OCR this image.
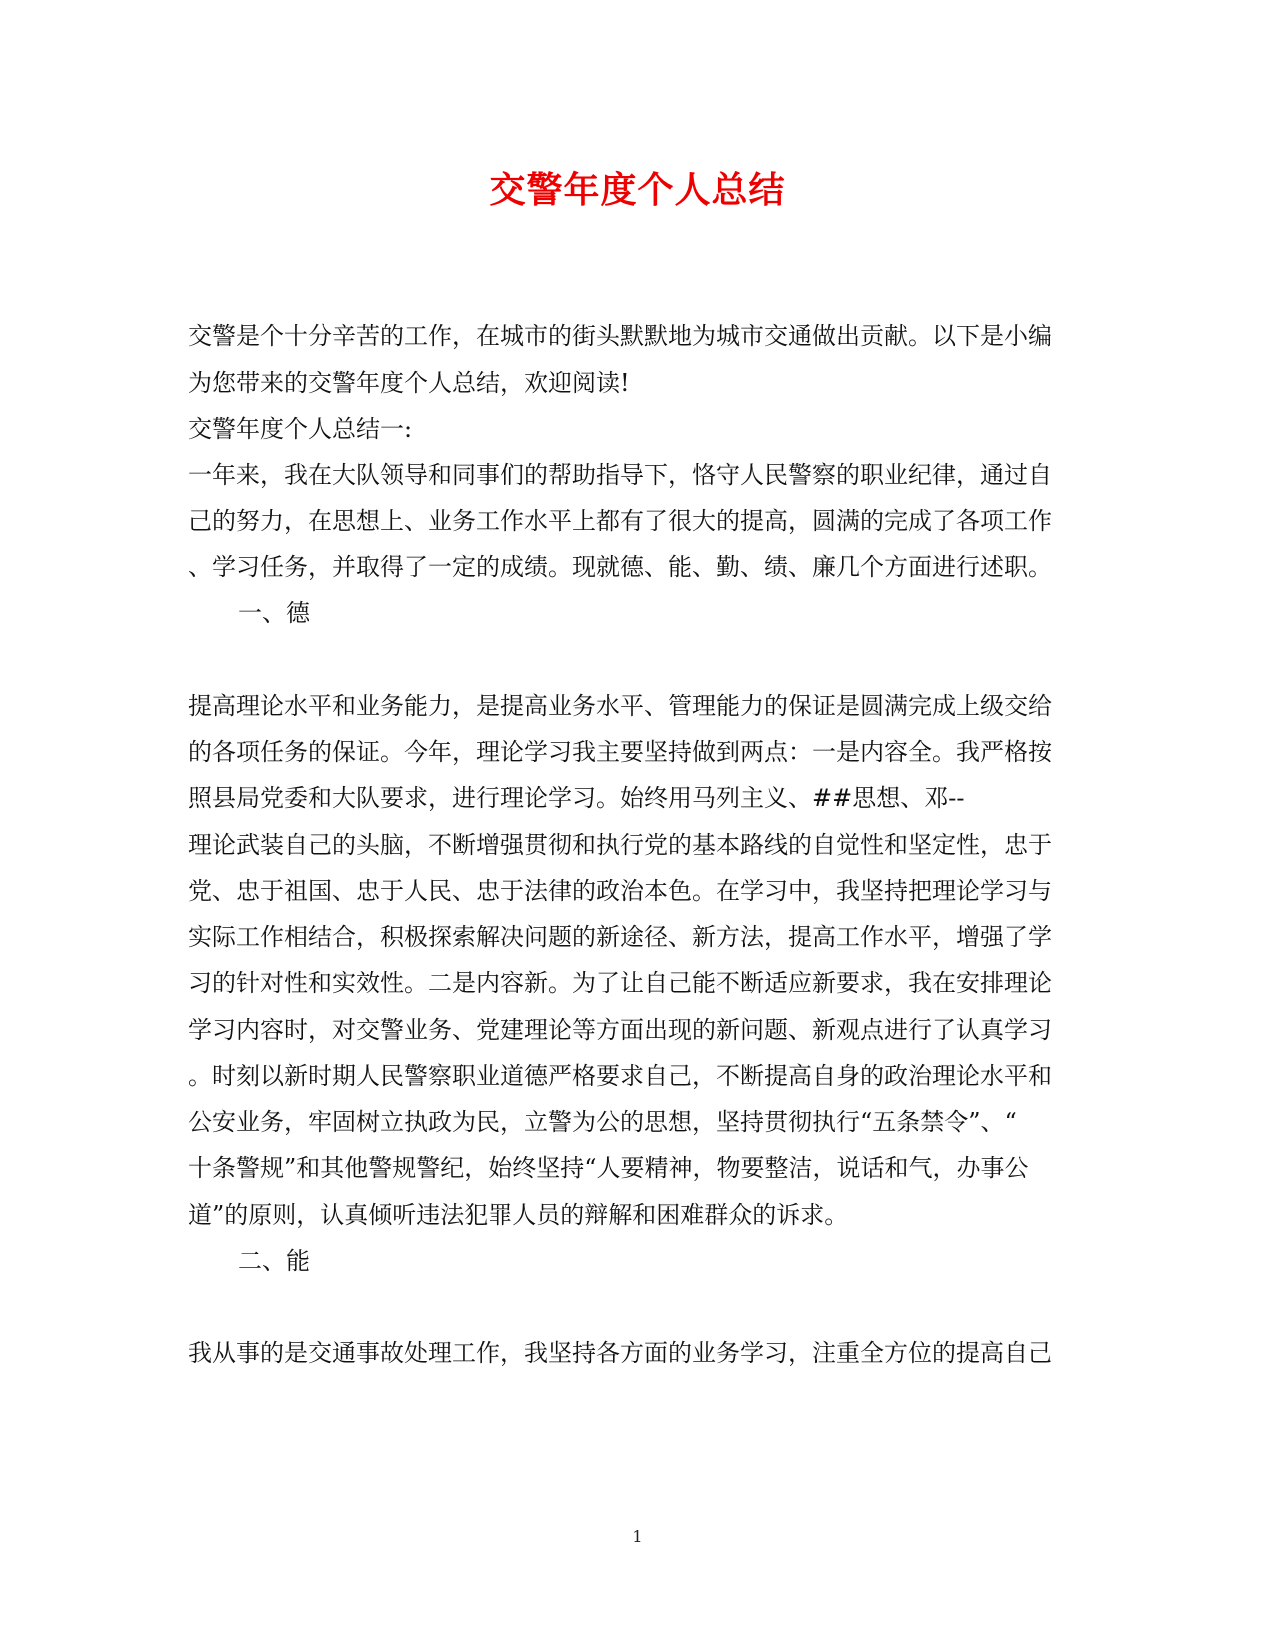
交警年度个人总结
交警是个十分辛苦的工作，在城市的街头默默地为城市交通做出贡献。以下是小编
为您带来的交警年度个人总结，欢迎阅读!
交警年度个人总结一:
一年来，我在大队领导和同事们的帮助指导下，恪守人民警察的职业纪律，通过自
己的努力，在思想上、业务工作水平上都有了很大的提高，圆满的完成了各项工作
、学习任务，并取得了一定的成绩。现就德、能、勤、绩、廉几个方面进行述职。
一、德
提高理论水平和业务能力，是提高业务水平、管理能力的保证是圆满完成上级交给
的各项任务的保证。今年，理论学习我主要坚持做到两点：一是内容全。我严格按
照县局党委和大队要求，进行理论学习。始终用马列主义、##思想、邓--
理论武装自己的头脑，不断增强贯彻和执行党的基本路线的自觉性和坚定性，忠于
党、忠于祖国、忠于人民、忠于法律的政治本色。在学习中，我坚持把理论学习与
实际工作相结合，积极探索解决问题的新途径、新方法，提高工作水平，增强了学
习的针对性和实效性。二是内容新。为了让自己能不断适应新要求，我在安排理论
学习内容时，对交警业务、党建理论等方面出现的新问题、新观点进行了认真学习
。时刻以新时期人民警察职业道德严格要求自己，不断提高自身的政治理论水平和
公安业务，牢固树立执政为民，立警为公的思想，坚持贯彻执行“五条禁令”、“
十条警规”和其他警规警纪，始终坚持“人要精神，物要整洁，说话和气，办事公
道”的原则，认真倾听违法犯罪人员的辩解和困难群众的诉求。
二、能
我从事的是交通事故处理工作，我坚持各方面的业务学习，注重全方位的提高自己
1
